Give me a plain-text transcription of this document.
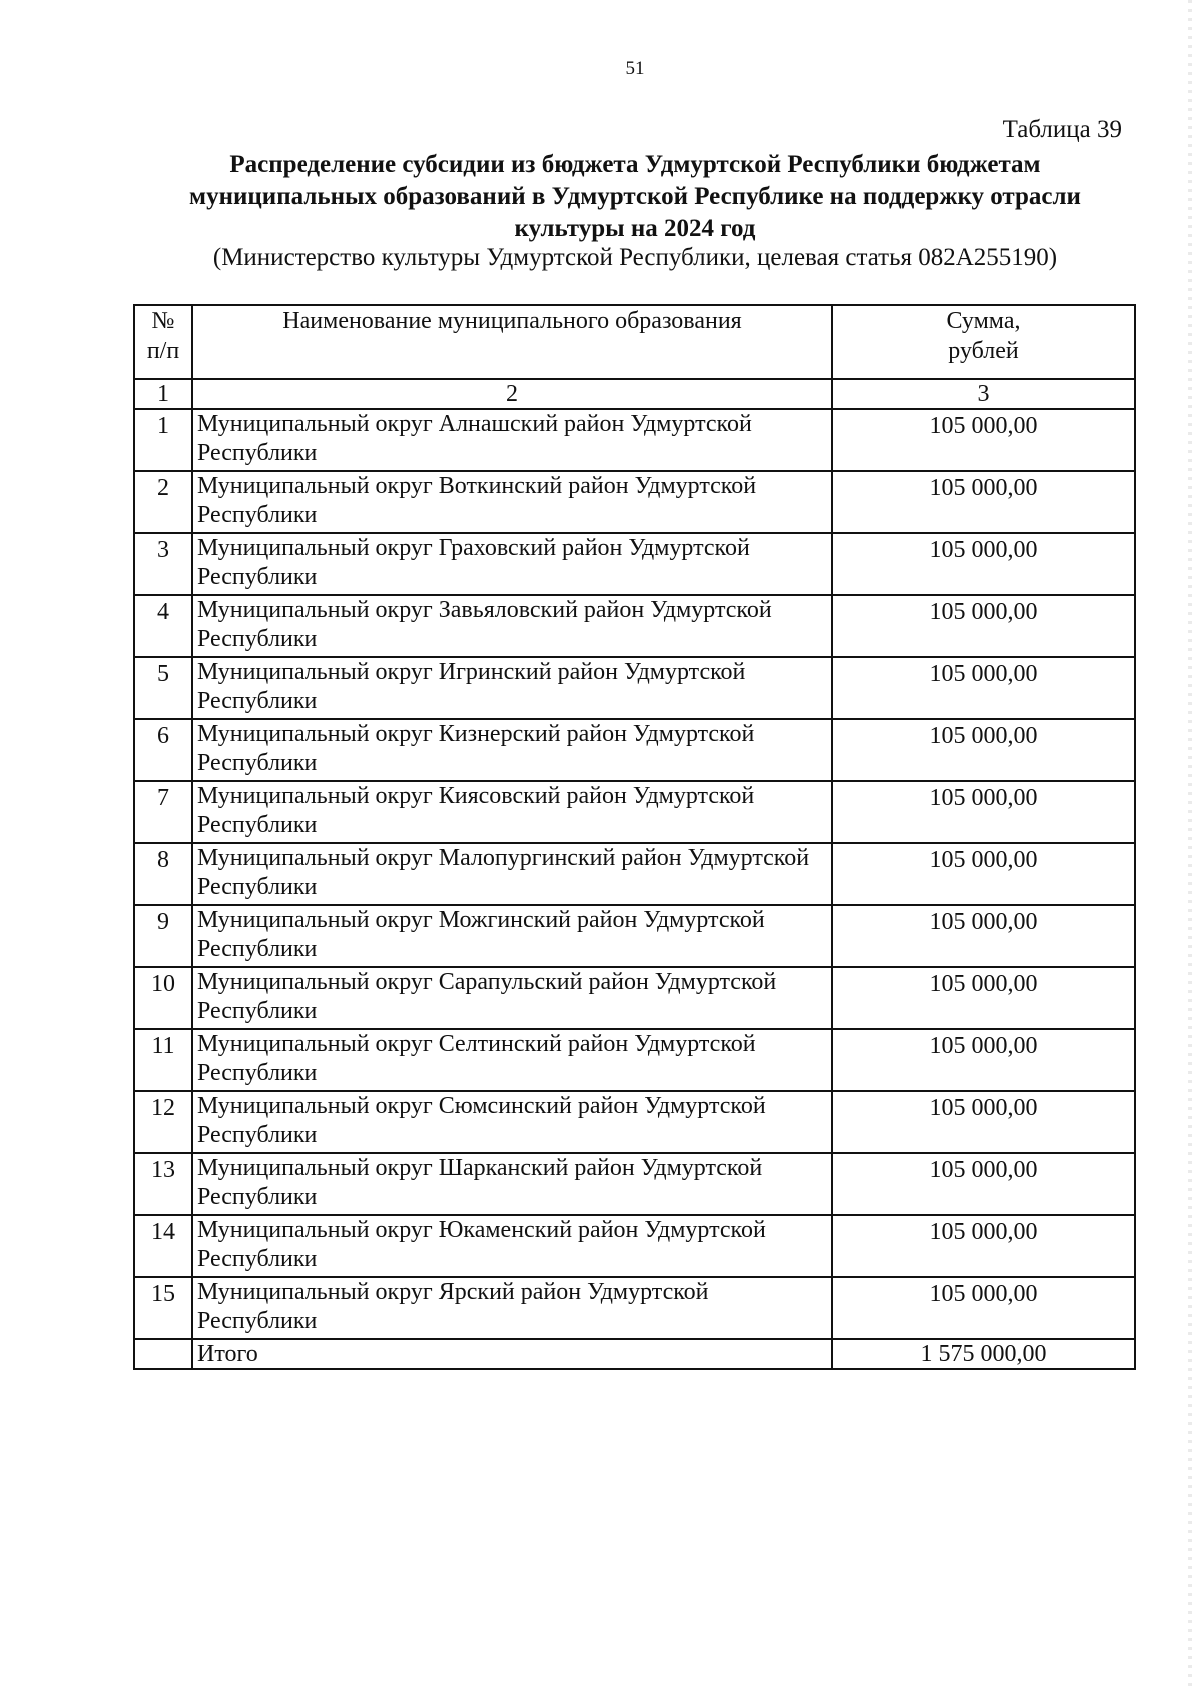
51
Таблица 39
Распределение субсидии из бюджета Удмуртской Республики бюджетам муниципальных образований в Удмуртской Республике на поддержку отрасли культуры на 2024 год
(Министерство культуры Удмуртской Республики, целевая статья 082A255190)
№ п/п	Наименование муниципального образования	Сумма, рублей
1	2	3
1	Муниципальный округ Алнашский район Удмуртской Республики	105 000,00
2	Муниципальный округ Воткинский район Удмуртской Республики	105 000,00
3	Муниципальный округ Граховский район Удмуртской Республики	105 000,00
4	Муниципальный округ Завьяловский район Удмуртской Республики	105 000,00
5	Муниципальный округ Игринский район Удмуртской Республики	105 000,00
6	Муниципальный округ Кизнерский район Удмуртской Республики	105 000,00
7	Муниципальный округ Киясовский район Удмуртской Республики	105 000,00
8	Муниципальный округ Малопургинский район Удмуртской Республики	105 000,00
9	Муниципальный округ Можгинский район Удмуртской Республики	105 000,00
10	Муниципальный округ Сарапульский район Удмуртской Республики	105 000,00
11	Муниципальный округ Селтинский район Удмуртской Республики	105 000,00
12	Муниципальный округ Сюмсинский район Удмуртской Республики	105 000,00
13	Муниципальный округ Шарканский район Удмуртской Республики	105 000,00
14	Муниципальный округ Юкаменский район Удмуртской Республики	105 000,00
15	Муниципальный округ Ярский район Удмуртской Республики	105 000,00
	Итого	1 575 000,00
